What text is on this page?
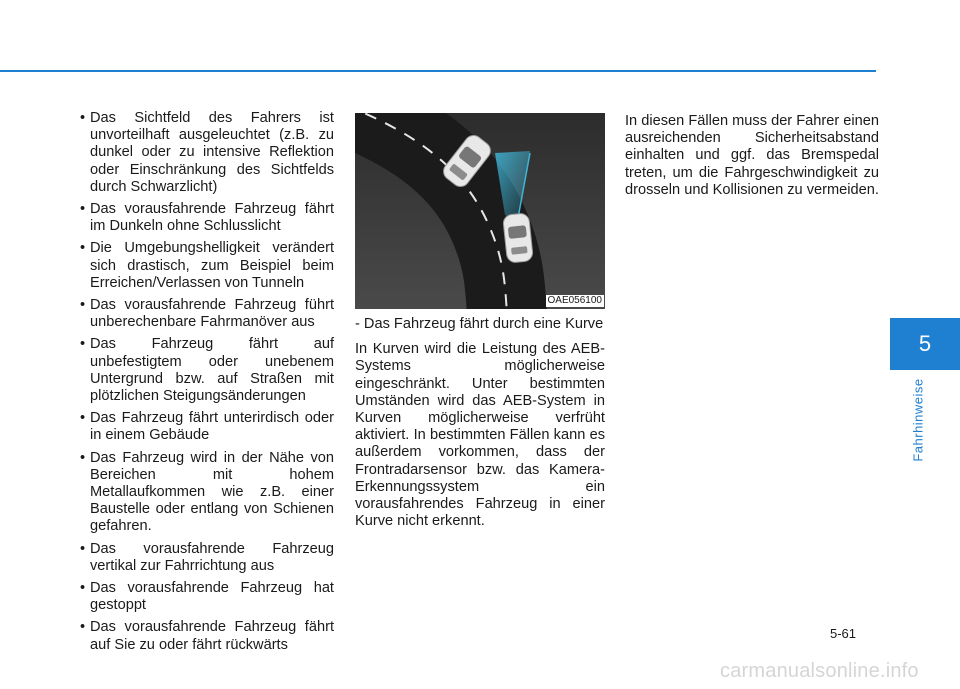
• Das Sichtfeld des Fahrers ist unvorteilhaft ausgeleuchtet (z.B. zu dunkel oder zu intensive Reflektion oder Einschränkung des Sichtfelds durch Schwarzlicht)
• Das vorausfahrende Fahrzeug fährt im Dunkeln ohne Schlusslicht
• Die Umgebungshelligkeit verändert sich drastisch, zum Beispiel beim Erreichen/Verlassen von Tunneln
• Das vorausfahrende Fahrzeug führt unberechenbare Fahrmanöver aus
• Das Fahrzeug fährt auf unbefestigtem oder unebenem Untergrund bzw. auf Straßen mit plötzlichen Steigungsänderungen
• Das Fahrzeug fährt unterirdisch oder in einem Gebäude
• Das Fahrzeug wird in der Nähe von Bereichen mit hohem Metallaufkommen wie z.B. einer Baustelle oder entlang von Schienen gefahren.
• Das vorausfahrende Fahrzeug vertikal zur Fahrrichtung aus
• Das vorausfahrende Fahrzeug hat gestoppt
• Das vorausfahrende Fahrzeug fährt auf Sie zu oder fährt rückwärts
OAE056100
- Das Fahrzeug fährt durch eine Kurve

In Kurven wird die Leistung des AEB-Systems möglicherweise eingeschränkt. Unter bestimmten Umständen wird das AEB-System in Kurven möglicherweise verfrüht aktiviert. In bestimmten Fällen kann es außerdem vorkommen, dass der Frontradarsensor bzw. das Kamera-Erkennungssystem ein vorausfahrendes Fahrzeug in einer Kurve nicht erkennt.

In diesen Fällen muss der Fahrer einen ausreichenden Sicherheitsabstand einhalten und ggf. das Bremspedal treten, um die Fahrgeschwindigkeit zu drosseln und Kollisionen zu vermeiden.

5
Fahrhinweise
5-61
carmanualsonline.info
